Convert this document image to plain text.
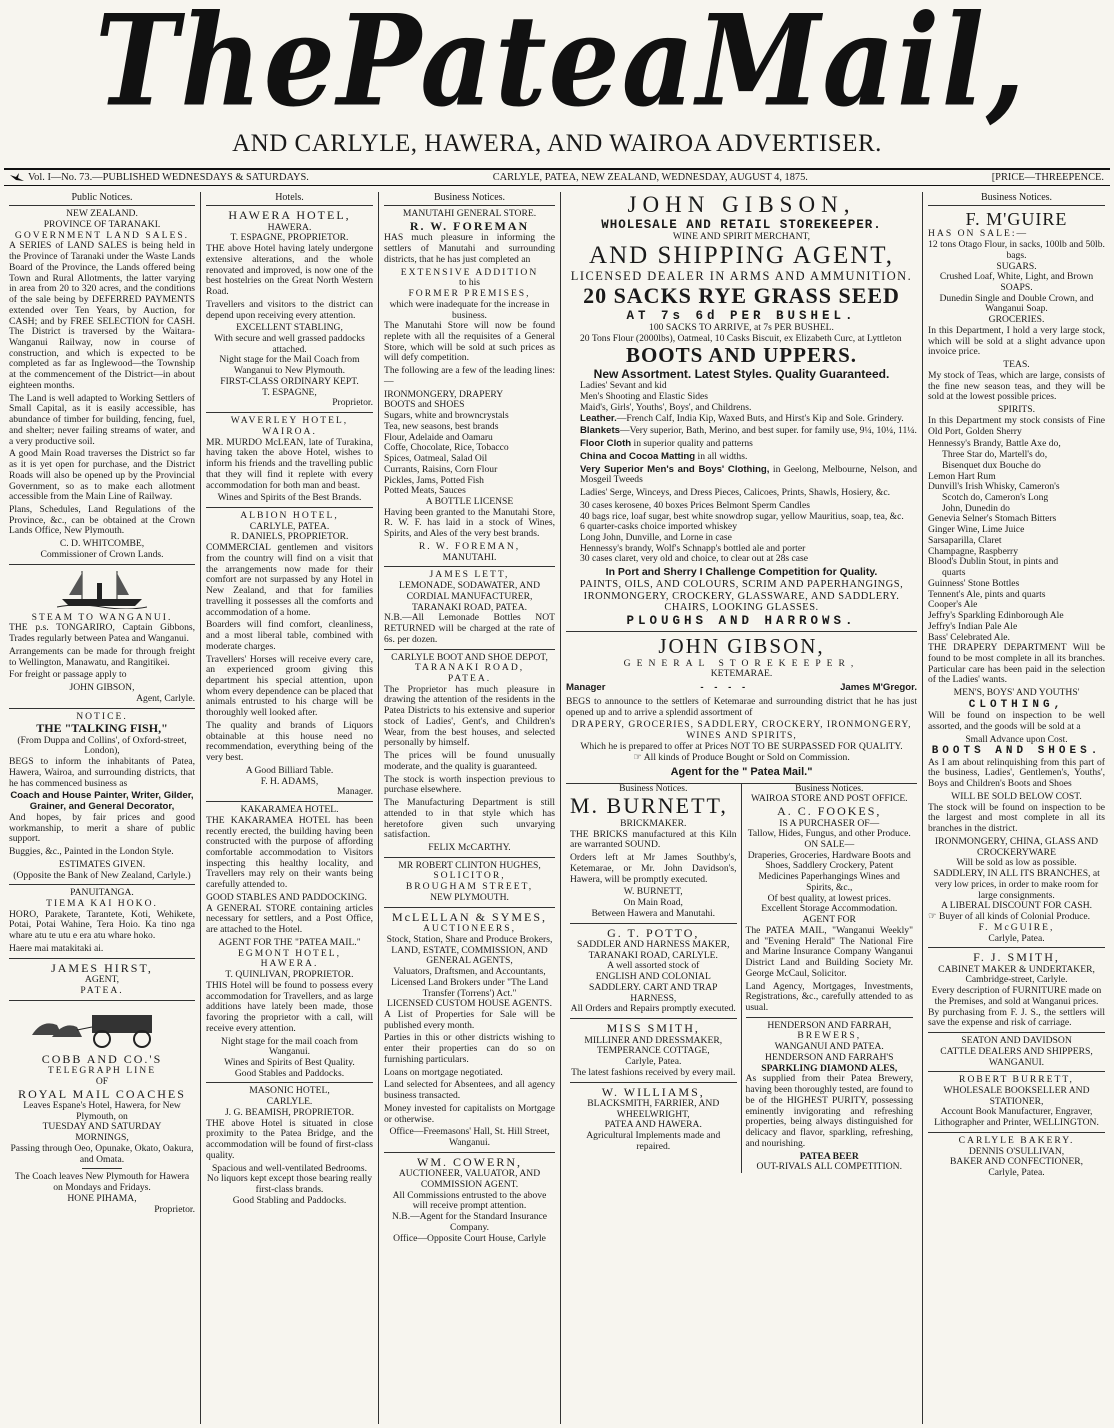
The Patea Mail,
AND CARLYLE, HAWERA, AND WAIROA ADVERTISER.
Vol. I—No. 73.—PUBLISHED WEDNESDAYS & SATURDAYS.	CARLYLE, PATEA, NEW ZEALAND, WEDNESDAY, AUGUST 4, 1875.	[PRICE—THREEPENCE.
Public Notices.
NEW ZEALAND.
PROVINCE OF TARANAKI.
GOVERNMENT LAND SALES.

A SERIES of LAND SALES is being held in the Province of Taranaki under the Waste Lands Board of the Province, the Lands offered being Town and Rural Allotments, the latter varying in area from 20 to 320 acres, and the conditions of the sale being by DEFERRED PAYMENTS extended over Ten Years, by Auction, for CASH; and by FREE SELECTION for CASH. The District is traversed by the Waitara-Wanganui Railway, now in course of construction, and which is expected to be completed as far as Inglewood—the Township at the commencement of the District—in about eighteen months.

The Land is well adapted to Working Settlers of Small Capital, as it is easily accessible, has abundance of timber for building, fencing, fuel, and shelter; never failing streams of water, and a very productive soil.

A good Main Road traverses the District so far as it is yet open for purchase, and the District Roads will also be opened up by the Provincial Government, so as to make each allotment accessible from the Main Line of Railway.

Plans, Schedules, Land Regulations of the Province, &c., can be obtained at the Crown Lands Office, New Plymouth.

C. D. WHITCOMBE,
Commissioner of Crown Lands.
STEAM TO WANGANUI.

THE p.s. TONGARIRO, Captain Gibbons, Trades regularly between Patea and Wanganui.

Arrangements can be made for through freight to Wellington, Manawatu, and Rangitikei.

For freight or passage apply to

JOHN GIBSON,
Agent, Carlyle.
NOTICE.
THE "TALKING FISH,"
(From Duppa and Collins', of Oxford-street, London),

BEGS to inform the inhabitants of Patea, Hawera, Wairoa, and surrounding districts, that he has commenced business as

Coach and House Painter, Writer, Gilder, Grainer, and General Decorator,

And hopes, by fair prices and good workmanship, to merit a share of public support.

Buggies, &c., Painted in the London Style.

ESTIMATES GIVEN.
(Opposite the Bank of New Zealand, Carlyle.)
PANUITANGA.
TIEMA KAI HOKO.

HORO, Parakete, Tarantete, Koti, Wehikete, Potai, Potai Wahine, Tera Hoio. Ka tino nga whare atu te utu e era atu whare hoko.

Haere mai matakitaki ai.

JAMES HIRST,
AGENT,
PATEA.
COBB AND CO.'S
TELEGRAPH LINE
OF
ROYAL MAIL COACHES
Leaves Espane's Hotel, Hawera, for New Plymouth, on
TUESDAY AND SATURDAY
MORNINGS,
Passing through Oeo, Opunake, Okato, Oakura, and Omata.
The Coach leaves New Plymouth for Hawera on Mondays and Fridays.
HONE PIHAMA,
Proprietor.
Hotels.
HAWERA HOTEL,
HAWERA.
T. ESPAGNE, PROPRIETOR.

THE above Hotel having lately undergone extensive alterations, and the whole renovated and improved, is now one of the best hostelries on the Great North Western Road.

Travellers and visitors to the district can depend upon receiving every attention.

EXCELLENT STABLING,
With secure and well grassed paddocks attached.
Night stage for the Mail Coach from Wanganui to New Plymouth.
FIRST-CLASS ORDINARY KEPT.
T. ESPAGNE,
Proprietor.
WAVERLEY HOTEL,
WAIROA.

MR. MURDO McLEAN, late of Turakina, having taken the above Hotel, wishes to inform his friends and the travelling public that they will find it replete with every accommodation for both man and beast.

Wines and Spirits of the Best Brands.
ALBION HOTEL,
CARLYLE, PATEA.
R. DANIELS, PROPRIETOR.

COMMERCIAL gentlemen and visitors from the country will find on a visit that the arrangements now made for their comfort are not surpassed by any Hotel in New Zealand, and that for families travelling it possesses all the comforts and accommodation of a home.

Boarders will find comfort, cleanliness, and a most liberal table, combined with moderate charges.

Travellers' Horses will receive every care, an experienced groom giving this department his special attention, upon whom every dependence can be placed that animals entrusted to his charge will be thoroughly well looked after.

The quality and brands of Liquors obtainable at this house need no recommendation, everything being of the very best.

A Good Billiard Table.
F. H. ADAMS,
Manager.
KAKARAMEA HOTEL.

THE KAKARAMEA HOTEL has been recently erected, the building having been constructed with the purpose of affording comfortable accommodation to Visitors inspecting this healthy locality, and Travellers may rely on their wants being carefully attended to.

GOOD STABLES AND PADDOCKING.

A GENERAL STORE containing articles necessary for settlers, and a Post Office, are attached to the Hotel.

AGENT FOR THE "PATEA MAIL."
EGMONT HOTEL,
HAWERA.
T. QUINLIVAN, PROPRIETOR.

THIS Hotel will be found to possess every accommodation for Travellers, and as large additions have lately been made, those favoring the proprietor with a call, will receive every attention.

Night stage for the mail coach from Wanganui.
Wines and Spirits of Best Quality.
Good Stables and Paddocks.
MASONIC HOTEL,
CARLYLE.
J. G. BEAMISH, PROPRIETOR.

THE above Hotel is situated in close proximity to the Patea Bridge, and the accommodation will be found of first-class quality.

Spacious and well-ventilated Bedrooms.
No liquors kept except those bearing really first-class brands.
Good Stabling and Paddocks.
Business Notices.
MANUTAHI GENERAL STORE.
R. W. FOREMAN

HAS much pleasure in informing the settlers of Manutahi and surrounding districts, that he has just completed an

EXTENSIVE ADDITION
to his
FORMER PREMISES,
which were inadequate for the increase in business.

The Manutahi Store will now be found replete with all the requisites of a General Store, which will be sold at such prices as will defy competition.

The following are a few of the leading lines:—

IRONMONGERY, DRAPERY
BOOTS and SHOES
Sugars, white and browncrystals
Tea, new seasons, best brands
Flour, Adelaide and Oamaru
Coffe, Chocolate, Rice, Tobacco
Spices, Oatmeal, Salad Oil
Currants, Raisins, Corn Flour
Pickles, Jams, Potted Fish
Potted Meats, Sauces
A BOTTLE LICENSE

Having been granted to the Manutahi Store, R. W. F. has laid in a stock of Wines, Spirits, and Ales of the very best brands.

R. W. FOREMAN,
MANUTAHI.
JAMES LETT,
LEMONADE, SODAWATER, AND CORDIAL MANUFACTURER,
TARANAKI ROAD, PATEA.

N.B.—All Lemonade Bottles NOT RETURNED will be charged at the rate of 6s. per dozen.

CARLYLE BOOT AND SHOE DEPOT,
TARANAKI ROAD,
PATEA.

The Proprietor has much pleasure in drawing the attention of the residents in the Patea Districts to his extensive and superior stock of Ladies', Gent's, and Children's Wear, from the best houses, and selected personally by himself.

The prices will be found unusually moderate, and the quality is guaranteed.

The stock is worth inspection previous to purchase elsewhere.

The Manufacturing Department is still attended to in that style which has heretofore given such unvarying satisfaction.

FELIX McCARTHY.
MR ROBERT CLINTON HUGHES,
SOLICITOR,
BROUGHAM STREET,
NEW PLYMOUTH.
McLELLAN & SYMES,
AUCTIONEERS,
Stock, Station, Share and Produce Brokers,
LAND, ESTATE, COMMISSION, AND GENERAL AGENTS,
Valuators, Draftsmen, and Accountants, Licensed Land Brokers under "The Land Transfer (Torrens') Act."
LICENSED CUSTOM HOUSE AGENTS.

A List of Properties for Sale will be published every month.

Parties in this or other districts wishing to enter their properties can do so on furnishing particulars.

Loans on mortgage negotiated.

Land selected for Absentees, and all agency business transacted.

Money invested for capitalists on Mortgage or otherwise.

Office—Freemasons' Hall, St. Hill Street, Wanganui.
WM. COWERN,
AUCTIONEER, VALUATOR, AND COMMISSION AGENT.
All Commissions entrusted to the above will receive prompt attention.
N.B.—Agent for the Standard Insurance Company.
Office—Opposite Court House, Carlyle
JOHN GIBSON,
WHOLESALE AND RETAIL STOREKEEPER.
WINE AND SPIRIT MERCHANT,
AND SHIPPING AGENT,
LICENSED DEALER IN ARMS AND AMMUNITION.
20 SACKS RYE GRASS SEED
AT 7s 6d PER BUSHEL.
100 SACKS TO ARRIVE, at 7s PER BUSHEL.
20 Tons Flour (2000lbs), Oatmeal, 10 Casks Biscuit, ex Elizabeth Curc, at Lyttleton
BOOTS AND UPPERS.
New Assortment. Latest Styles. Quality Guaranteed.
Ladies' Sevant and kid
Men's Shooting and Elastic Sides
Maid's, Girls', Youths', Boys', and Childrens.

Leather.—French Calf, India Kip, Waxed Buts, and Hirst's Kip and Sole. Grindery.

Blankets—Very superior, Bath, Merino, and best super. for family use, 9¼, 10¼, 11¼.

Floor Cloth in superior quality and patterns

China and Cocoa Matting in all widths.

Very Superior Men's and Boys' Clothing, in Geelong, Melbourne, Nelson, and Mosgeil Tweeds

Ladies' Serge, Winceys, and Dress Pieces, Calicoes, Prints, Shawls, Hosiery, &c.

30 cases kerosene, 40 boxes Prices Belmont Sperm Candles
40 bags rice, loaf sugar, best white snowdrop sugar, yellow Mauritius, soap, tea, &c.
6 quarter-casks choice imported whiskey
Long John, Dunville, and Lorne in case
Hennessy's brandy, Wolf's Schnapp's bottled ale and porter
30 cases claret, very old and choice, to clear out at 28s case
In Port and Sherry I Challenge Competition for Quality.
PAINTS, OILS, AND COLOURS, SCRIM AND PAPERHANGINGS, IRONMONGERY, CROCKERY, GLASSWARE, AND SADDLERY. CHAIRS, LOOKING GLASSES.
PLOUGHS AND HARROWS.
JOHN GIBSON,
GENERAL STOREKEEPER,
KETEMARAE.
Manager	-    -    -    -	James M'Gregor.

BEGS to announce to the settlers of Ketemarae and surrounding district that he has just opened up and to arrive a splendid assortment of

DRAPERY, GROCERIES, SADDLERY, CROCKERY, IRONMONGERY, WINES AND SPIRITS,
Which he is prepared to offer at Prices NOT TO BE SURPASSED FOR QUALITY.
☞ All kinds of Produce Bought or Sold on Commission.
Agent for the " Patea Mail."
Business Notices.
M. BURNETT,
BRICKMAKER.

THE BRICKS manufactured at this Kiln are warranted SOUND.

Orders left at Mr James Southby's, Ketemarae, or Mr. John Davidson's, Hawera, will be promptly executed.

W. BURNETT,
On Main Road,
Between Hawera and Manutahi.
G. T. POTTO,
SADDLER AND HARNESS MAKER,
TARANAKI ROAD, CARLYLE.
A well assorted stock of
ENGLISH AND COLONIAL SADDLERY. CART AND TRAP HARNESS,
All Orders and Repairs promptly executed.
MISS SMITH,
MILLINER AND DRESSMAKER,
TEMPERANCE COTTAGE,
Carlyle, Patea.
The latest fashions received by every mail.
W. WILLIAMS,
BLACKSMITH, FARRIER, AND WHEELWRIGHT,
PATEA AND HAWERA.
Agricultural Implements made and repaired.
Business Notices.
WAIROA STORE AND POST OFFICE.
A. C. FOOKES,
IS A PURCHASER OF—
Tallow, Hides, Fungus, and other Produce.
ON SALE—
Draperies, Groceries, Hardware Boots and Shoes, Saddlery Crockery, Patent Medicines Paperhangings Wines and Spirits, &c.,
Of best quality, at lowest prices.
Excellent Storage Accommodation.
AGENT FOR

The PATEA MAIL, "Wanganui Weekly" and "Evening Herald" The National Fire and Marine Insurance Company Wanganui District Land and Building Society Mr. George McCaul, Solicitor.

Land Agency, Mortgages, Investments, Registrations, &c., carefully attended to as usual.

HENDERSON AND FARRAH,
BREWERS,
WANGANUI AND PATEA.
HENDERSON AND FARRAH'S
SPARKLING DIAMOND ALES,

As supplied from their Patea Brewery, having been thoroughly tested, are found to be of the HIGHEST PURITY, possessing eminently invigorating and refreshing properties, being always distinguished for delicacy and flavor, sparkling, refreshing, and nourishing.

PATEA BEER
OUT-RIVALS ALL COMPETITION.
Business Notices.
F. M'GUIRE
HAS ON SALE:—
12 tons Otago Flour, in sacks, 100lb and 50lb. bags.
SUGARS.
Crushed Loaf, White, Light, and Brown
SOAPS.
Dunedin Single and Double Crown, and Wanganui Soap.
GROCERIES.

In this Department, I hold a very large stock, which will be sold at a slight advance upon invoice price.

TEAS.

My stock of Teas, which are large, consists of the fine new season teas, and they will be sold at the lowest possible prices.

SPIRITS.

In this Department my stock consists of Fine Old Port, Golden Sherry

Hennessy's Brandy, Battle Axe do,
Three Star do, Martell's do,
Bisenquet dux Bouche do
Lemon Hart Rum
Dunvill's Irish Whisky, Cameron's
Scotch do, Cameron's Long
John, Dunedin do
Genevia Selner's Stomach Bitters
Ginger Wine, Lime Juice
Sarsaparilla, Claret
Champagne, Raspberry
Blood's Dublin Stout, in pints and
quarts
Guinness' Stone Bottles
Tennent's Ale, pints and quarts
Cooper's Ale
Jeffry's Sparkling Edinborough Ale
Jeffry's Indian Pale Ale
Bass' Celebrated Ale.

THE DRAPERY DEPARTMENT Will be found to be most complete in all its branches. Particular care has been paid in the selection of the Ladies' wants.

MEN'S, BOYS' AND YOUTHS'
CLOTHING,

Will be found on inspection to be well assorted, and the goods will be sold at a

Small Advance upon Cost.
BOOTS AND SHOES.

As I am about relinquishing from this part of the business, Ladies', Gentlemen's, Youths', Boys and Children's Boots and Shoes

WILL BE SOLD BELOW COST.

The stock will be found on inspection to be the largest and most complete in all its branches in the district.

IRONMONGERY, CHINA, GLASS AND CROCKERYWARE
Will be sold as low as possible.
SADDLERY, IN ALL ITS BRANCHES, at very low prices, in order to make room for large consignments.
A LIBERAL DISCOUNT FOR CASH.
☞ Buyer of all kinds of Colonial Produce.
F. McGUIRE,
Carlyle, Patea.
F. J. SMITH,
CABINET MAKER & UNDERTAKER,
Cambridge-street, Carlyle.
Every description of FURNITURE made on the Premises, and sold at Wanganui prices.

By purchasing from F. J. S., the settlers will save the expense and risk of carriage.

SEATON AND DAVIDSON
CATTLE DEALERS AND SHIPPERS,
WANGANUI.
ROBERT BURRETT,
WHOLESALE BOOKSELLER AND STATIONER,
Account Book Manufacturer, Engraver, Lithographer and Printer, WELLINGTON.
CARLYLE BAKERY.
DENNIS O'SULLIVAN,
BAKER AND CONFECTIONER,
Carlyle, Patea.
